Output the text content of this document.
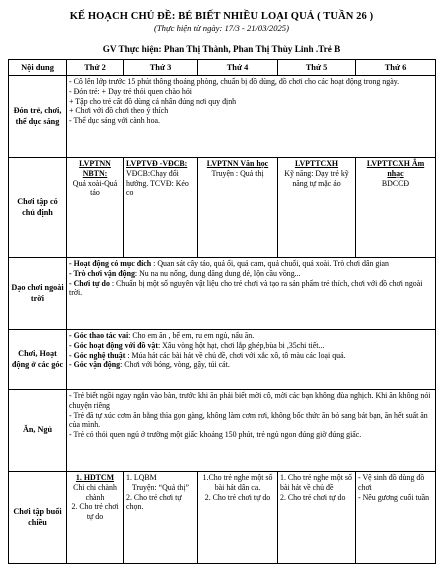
KẾ HOẠCH CHỦ ĐỀ: BÉ BIẾT NHIỀU LOẠI QUẢ ( TUẦN 26 )
(Thực hiện từ ngày: 17/3 - 21/03/2025)
GV Thực hiện: Phan Thị Thành, Phan Thị Thùy Linh .Trẻ B
Nội dung	Thứ 2	Thứ 3	Thứ 4	Thứ 5	Thứ 6
Đón trẻ, chơi, thể dục sáng	- Cô lên lớp trước 15 phút thông thoáng phòng, chuẩn bị đồ dùng, đồ chơi cho các hoạt động trong ngày.
- Đón trẻ: + Dạy trẻ thói quen chào hỏi
+ Tập cho trẻ cất đồ dùng cá nhân đúng nơi quy định
+ Chơi với đồ chơi theo ý thích
- Thể dục sáng với cành hoa.				

Chơi tập có chủ định	LVPTNN NBTN:
Quả xoài-Quả táo	LVPTVĐ -VĐCB:
VĐCB:Chạy đổi hướng. TCVĐ: Kéo co	LVPTNN Văn học
Truyện : Quả thị	LVPTTCXH
Kỹ năng: Dạy trẻ kỹ năng tự mặc áo	LVPTTCXH Âm nhạc
BDCCĐ

Dạo chơi ngoài trời	- Hoạt động có mục đích : Quan sát cây táo, quả ổi, quả cam, quả chuối, quả xoài. Trò chơi dân gian
- Trò chơi vận động: Nu na nu nống, dung dăng dung dẻ, lộn cầu vồng...
- Chơi tự do : Chuẩn bị một số nguyên vật liệu cho trẻ chơi và tạo ra sản phẩm trẻ thích, chơi với đồ chơi ngoài trời.				

Chơi, Hoạt động ở các góc	- Góc thao tác vai: Cho em ăn , bế em, ru em ngủ, nấu ăn.
- Góc hoạt động với đồ vật: Xâu vòng hột hạt, chơi lắp ghép,bùa bi ,35chi tiết...
- Góc nghệ thuật : Múa hát các bài hát về chủ đề, chơi với xắc xô, tô màu các loại quả.
- Góc vận động: Chơi với bóng, vòng, gậy, túi cát.				

Ăn, Ngủ	- Trẻ biết ngồi ngay ngắn vào bàn, trước khi ăn phải biết mời cô, mời các bạn không đùa nghịch. Khi ăn không nói chuyện riêng
- Trẻ đã tự xúc cơm ăn bằng thìa gọn gàng, không làm cơm rơi, không bốc thức ăn bỏ sang bát bạn, ăn hết suất ăn của mình.
- Trẻ có thói quen ngủ ở trường một giấc khoảng 150 phút, trẻ ngủ ngon đúng giờ đúng giấc.				

Chơi tập buổi chiều	1. HDTCM
Chi chi chành chành
2. Cho trẻ chơi tự do	1. LQBM
Truyện: “Quả thị”
2. Cho trẻ chơi tự chọn.	1.Cho trẻ nghe một số bài hát dân ca.
2. Cho trẻ chơi tự do	1. Cho trẻ nghe một số bài hát về chủ đề
2. Cho trẻ chơi tự do	- Vệ sinh đồ dùng đồ chơi
- Nêu gương cuối tuần
